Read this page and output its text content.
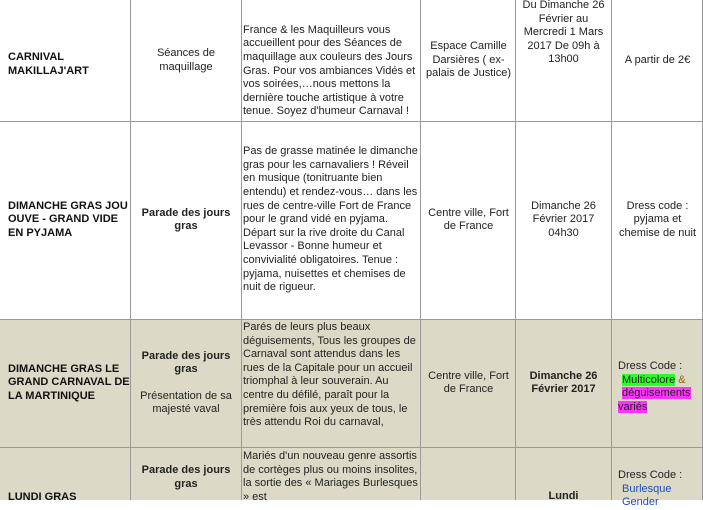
CARNIVAL MAKILLAJ'ART
Séances de maquillage
France & les Maquilleurs vous accueillent pour des Séances de maquillage aux couleurs des Jours Gras. Pour vos ambiances Vidés et vos soirées,…nous mettons la dernière touche artistique à votre tenue. Soyez d'humeur Carnaval !
Espace Camille Darsières ( ex-palais de Justice)
Du Dimanche 26 Février au Mercredi 1 Mars 2017 De 09h à 13h00	A partir de 2€
DIMANCHE GRAS JOU OUVE - GRAND VIDE EN PYJAMA
Parade des jours gras
Pas de grasse matinée le dimanche gras pour les carnavaliers ! Réveil en musique (tonitruante bien entendu) et rendez-vous… dans les rues de centre-ville Fort de France pour le grand vidé en pyjama. Départ sur la rive droite du Canal Levassor - Bonne humeur et convivialité obligatoires. Tenue : pyjama, nuisettes et chemises de nuit de rigueur.
Centre ville, Fort de France
Dimanche 26 Février 2017 04h30
Dress code : pyjama et chemise de nuit
DIMANCHE GRAS LE GRAND CARNAVAL DE LA MARTINIQUE
Parade des jours gras
Présentation de sa majesté vaval
Parés de leurs plus beaux déguisements, Tous les groupes de Carnaval sont attendus dans les rues de la Capitale pour un accueil triomphal à leur souverain. Au centre du défilé, paraît pour la première fois aux yeux de tous, le très attendu Roi du carnaval,
Centre ville, Fort de France
Dimanche 26 Février 2017
Dress Code :
Multicolore &
déguisements variés
LUNDI GRAS
Parade des jours gras
Mariés d'un nouveau genre assortis de cortèges plus ou moins insolites, la sortie des « Mariages Burlesques » est	Lundi
Dress Code :
Burlesque
Gender
